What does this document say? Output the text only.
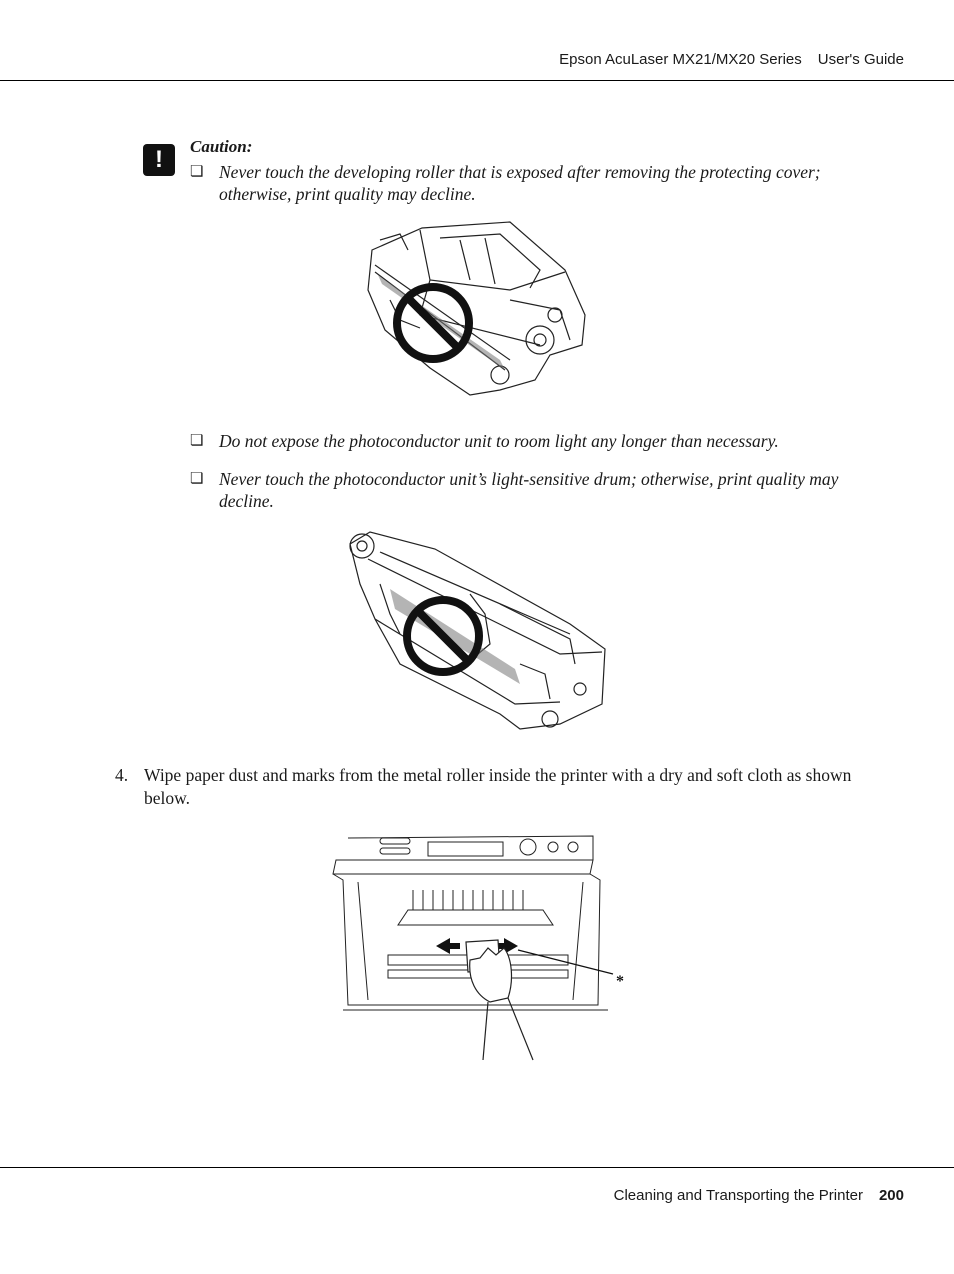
Epson AcuLaser MX21/MX20 Series User's Guide
!	Caution:
❏ Never touch the developing roller that is exposed after removing the protecting cover; otherwise, print quality may decline.
❏ Do not expose the photoconductor unit to room light any longer than necessary.
❏ Never touch the photoconductor unit’s light-sensitive drum; otherwise, print quality may decline.
4. Wipe paper dust and marks from the metal roller inside the printer with a dry and soft cloth as shown below.
*
Cleaning and Transporting the Printer 200
